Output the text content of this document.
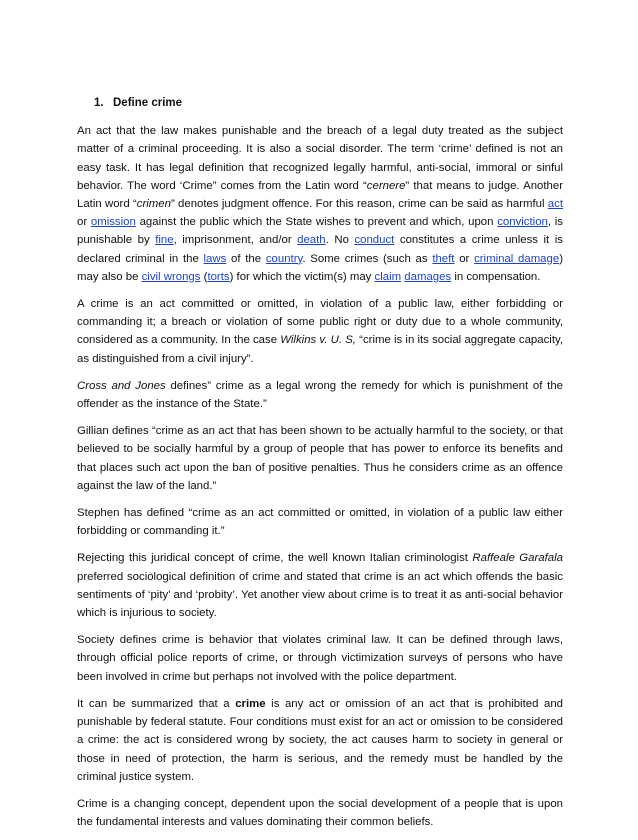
1. Define crime

An act that the law makes punishable and the breach of a legal duty treated as the subject matter of a criminal proceeding. It is also a social disorder. The term ‘crime’ defined is not an easy task. It has legal definition that recognized legally harmful, anti-social, immoral or sinful behavior. The word ‘Crime” comes from the Latin word “cernere” that means to judge. Another Latin word “crimen” denotes judgment offence. For this reason, crime can be said as harmful act or omission against the public which the State wishes to prevent and which, upon conviction, is punishable by fine, imprisonment, and/or death. No conduct constitutes a crime unless it is declared criminal in the laws of the country. Some crimes (such as theft or criminal damage) may also be civil wrongs (torts) for which the victim(s) may claim damages in compensation.

A crime is an act committed or omitted, in violation of a public law, either forbidding or commanding it; a breach or violation of some public right or duty due to a whole community, considered as a community. In the case Wilkins v. U. S, “crime is in its social aggregate capacity, as distinguished from a civil injury”.

Cross and Jones defines” crime as a legal wrong the remedy for which is punishment of the offender as the instance of the State.”

Gillian defines “crime as an act that has been shown to be actually harmful to the society, or that believed to be socially harmful by a group of people that has power to enforce its benefits and that places such act upon the ban of positive penalties. Thus he considers crime as an offence against the law of the land.”

Stephen has defined “crime as an act committed or omitted, in violation of a public law either forbidding or commanding it.”

Rejecting this juridical concept of crime, the well known Italian criminologist Raffeale Garafala preferred sociological definition of crime and stated that crime is an act which offends the basic sentiments of ‘pity’ and ‘probity’. Yet another view about crime is to treat it as anti-social behavior which is injurious to society.

Society defines crime is behavior that violates criminal law. It can be defined through laws, through official police reports of crime, or through victimization surveys of persons who have been involved in crime but perhaps not involved with the police department.

It can be summarized that a crime is any act or omission of an act that is prohibited and punishable by federal statute. Four conditions must exist for an act or omission to be considered a crime: the act is considered wrong by society, the act causes harm to society in general or those in need of protection, the harm is serious, and the remedy must be handled by the criminal justice system.

Crime is a changing concept, dependent upon the social development of a people that is upon the fundamental interests and values dominating their common beliefs.
